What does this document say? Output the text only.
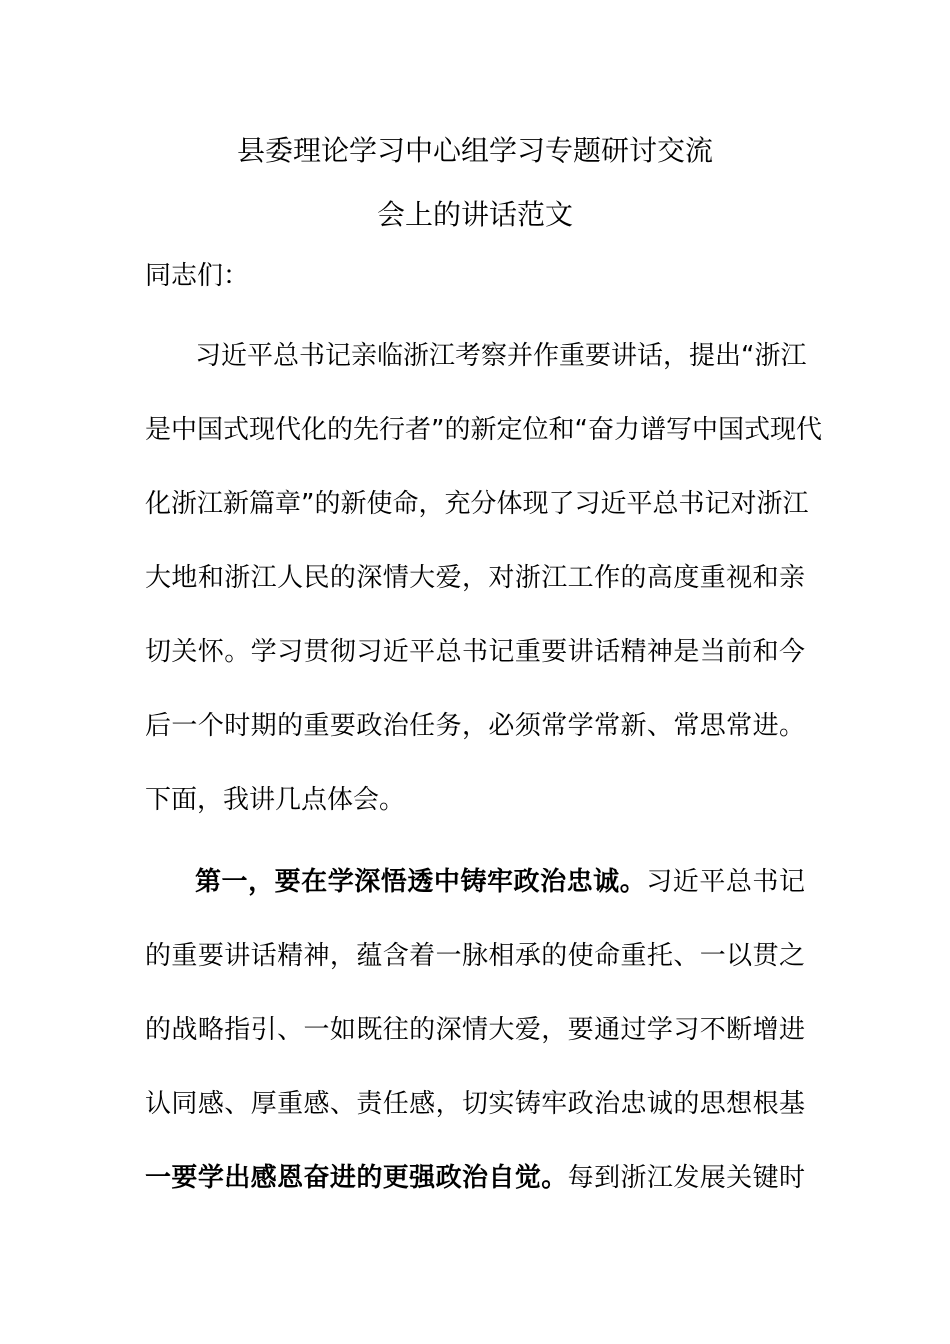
县委理论学习中心组学习专题研讨交流
会上的讲话范文
同志们：
习近平总书记亲临浙江考察并作重要讲话，提出“浙江
是中国式现代化的先行者”的新定位和“奋力谱写中国式现代
化浙江新篇章”的新使命，充分体现了习近平总书记对浙江
大地和浙江人民的深情大爱，对浙江工作的高度重视和亲
切关怀。学习贯彻习近平总书记重要讲话精神是当前和今
后一个时期的重要政治任务，必须常学常新、常思常进。
下面，我讲几点体会。
第一，要在学深悟透中铸牢政治忠诚。习近平总书记
的重要讲话精神，蕴含着一脉相承的使命重托、一以贯之
的战略指引、一如既往的深情大爱，要通过学习不断增进
认同感、厚重感、责任感，切实铸牢政治忠诚的思想根基
一要学出感恩奋进的更强政治自觉。每到浙江发展关键时
